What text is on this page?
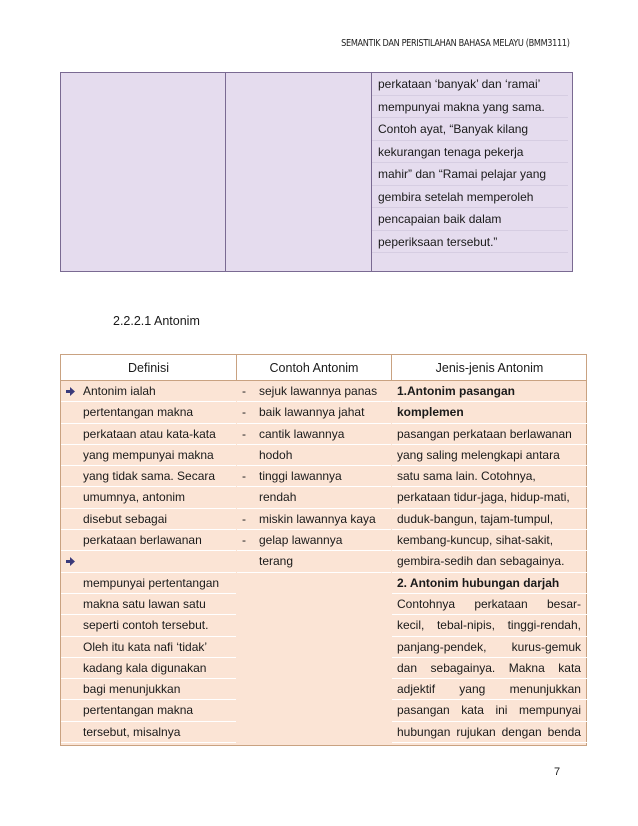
SEMANTIK DAN PERISTILAHAN BAHASA MELAYU (BMM3111)
perkataan ‘banyak’ dan ‘ramai’
mempunyai makna yang sama.
Contoh ayat, “Banyak kilang
kekurangan tenaga pekerja
mahir” dan “Ramai pelajar yang
gembira setelah memperoleh
pencapaian baik dalam
peperiksaan tersebut.”
2.2.2.1 Antonim
Definisi	Contoh Antonim	Jenis-jenis Antonim
Antonim ialah
pertentangan makna
perkataan atau kata-kata
yang mempunyai makna
yang tidak sama. Secara
umumnya, antonim
disebut sebagai
perkataan berlawanan

mempunyai pertentangan
makna satu lawan satu
seperti contoh tersebut.
Oleh itu kata nafi ‘tidak’
kadang kala digunakan
bagi menunjukkan
pertentangan makna
tersebut, misalnya
- sejuk lawannya panas
- baik lawannya jahat
- cantik lawannya
hodoh
- tinggi lawannya
rendah
- miskin lawannya kaya
- gelap lawannya
terang
1.Antonim pasangan
komplemen
pasangan perkataan berlawanan
yang saling melengkapi antara
satu sama lain. Cotohnya,
perkataan tidur-jaga, hidup-mati,
duduk-bangun, tajam-tumpul,
kembang-kuncup, sihat-sakit,
gembira-sedih dan sebagainya.
2. Antonim hubungan darjah
Contohnya perkataan besar-
kecil, tebal-nipis, tinggi-rendah,
panjang-pendek, kurus-gemuk
dan sebagainya. Makna kata
adjektif yang menunjukkan
pasangan kata ini mempunyai
hubungan rujukan dengan benda
7
